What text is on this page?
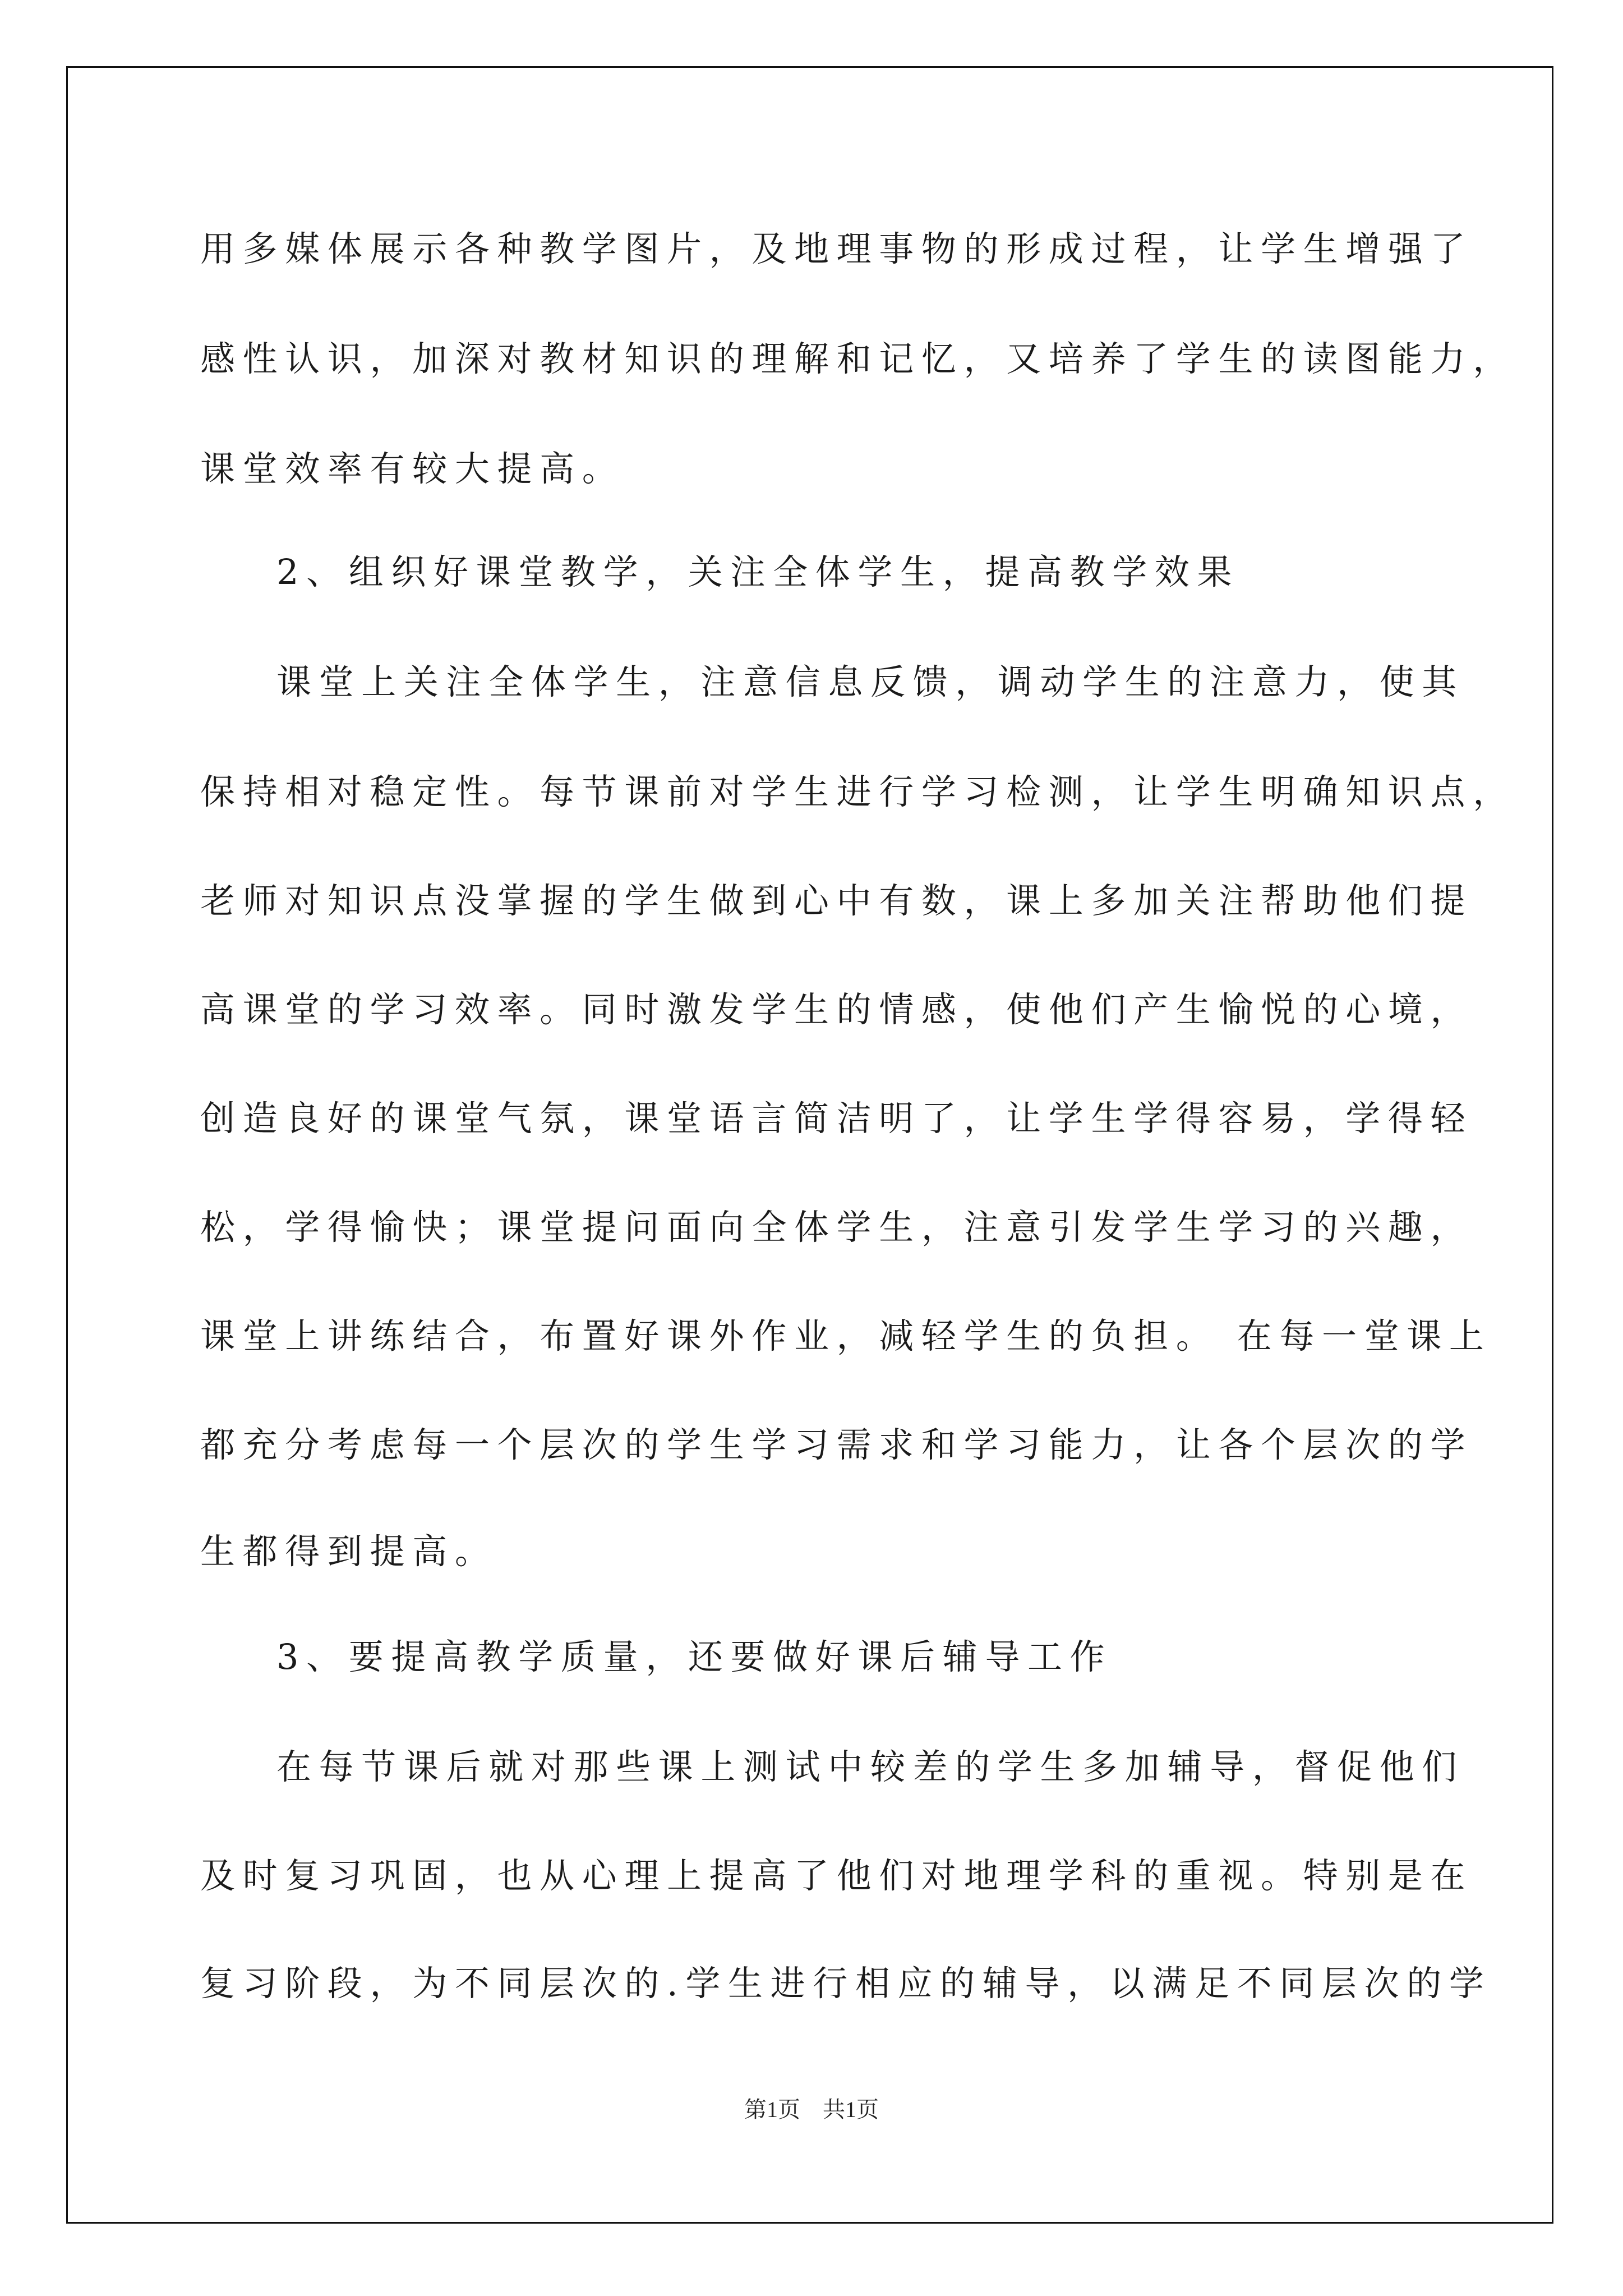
用多媒体展示各种教学图片，及地理事物的形成过程，让学生增强了
感性认识，加深对教材知识的理解和记忆，又培养了学生的读图能力，
课堂效率有较大提高。
2、组织好课堂教学，关注全体学生，提高教学效果
课堂上关注全体学生，注意信息反馈，调动学生的注意力，使其
保持相对稳定性。每节课前对学生进行学习检测，让学生明确知识点，
老师对知识点没掌握的学生做到心中有数，课上多加关注帮助他们提
高课堂的学习效率。同时激发学生的情感，使他们产生愉悦的心境，
创造良好的课堂气氛，课堂语言简洁明了，让学生学得容易，学得轻
松，学得愉快；课堂提问面向全体学生，注意引发学生学习的兴趣，
课堂上讲练结合，布置好课外作业，减轻学生的负担。 在每一堂课上
都充分考虑每一个层次的学生学习需求和学习能力，让各个层次的学
生都得到提高。
3、要提高教学质量，还要做好课后辅导工作
在每节课后就对那些课上测试中较差的学生多加辅导，督促他们
及时复习巩固，也从心理上提高了他们对地理学科的重视。特别是在
复习阶段，为不同层次的.学生进行相应的辅导，以满足不同层次的学
第1页　共1页
